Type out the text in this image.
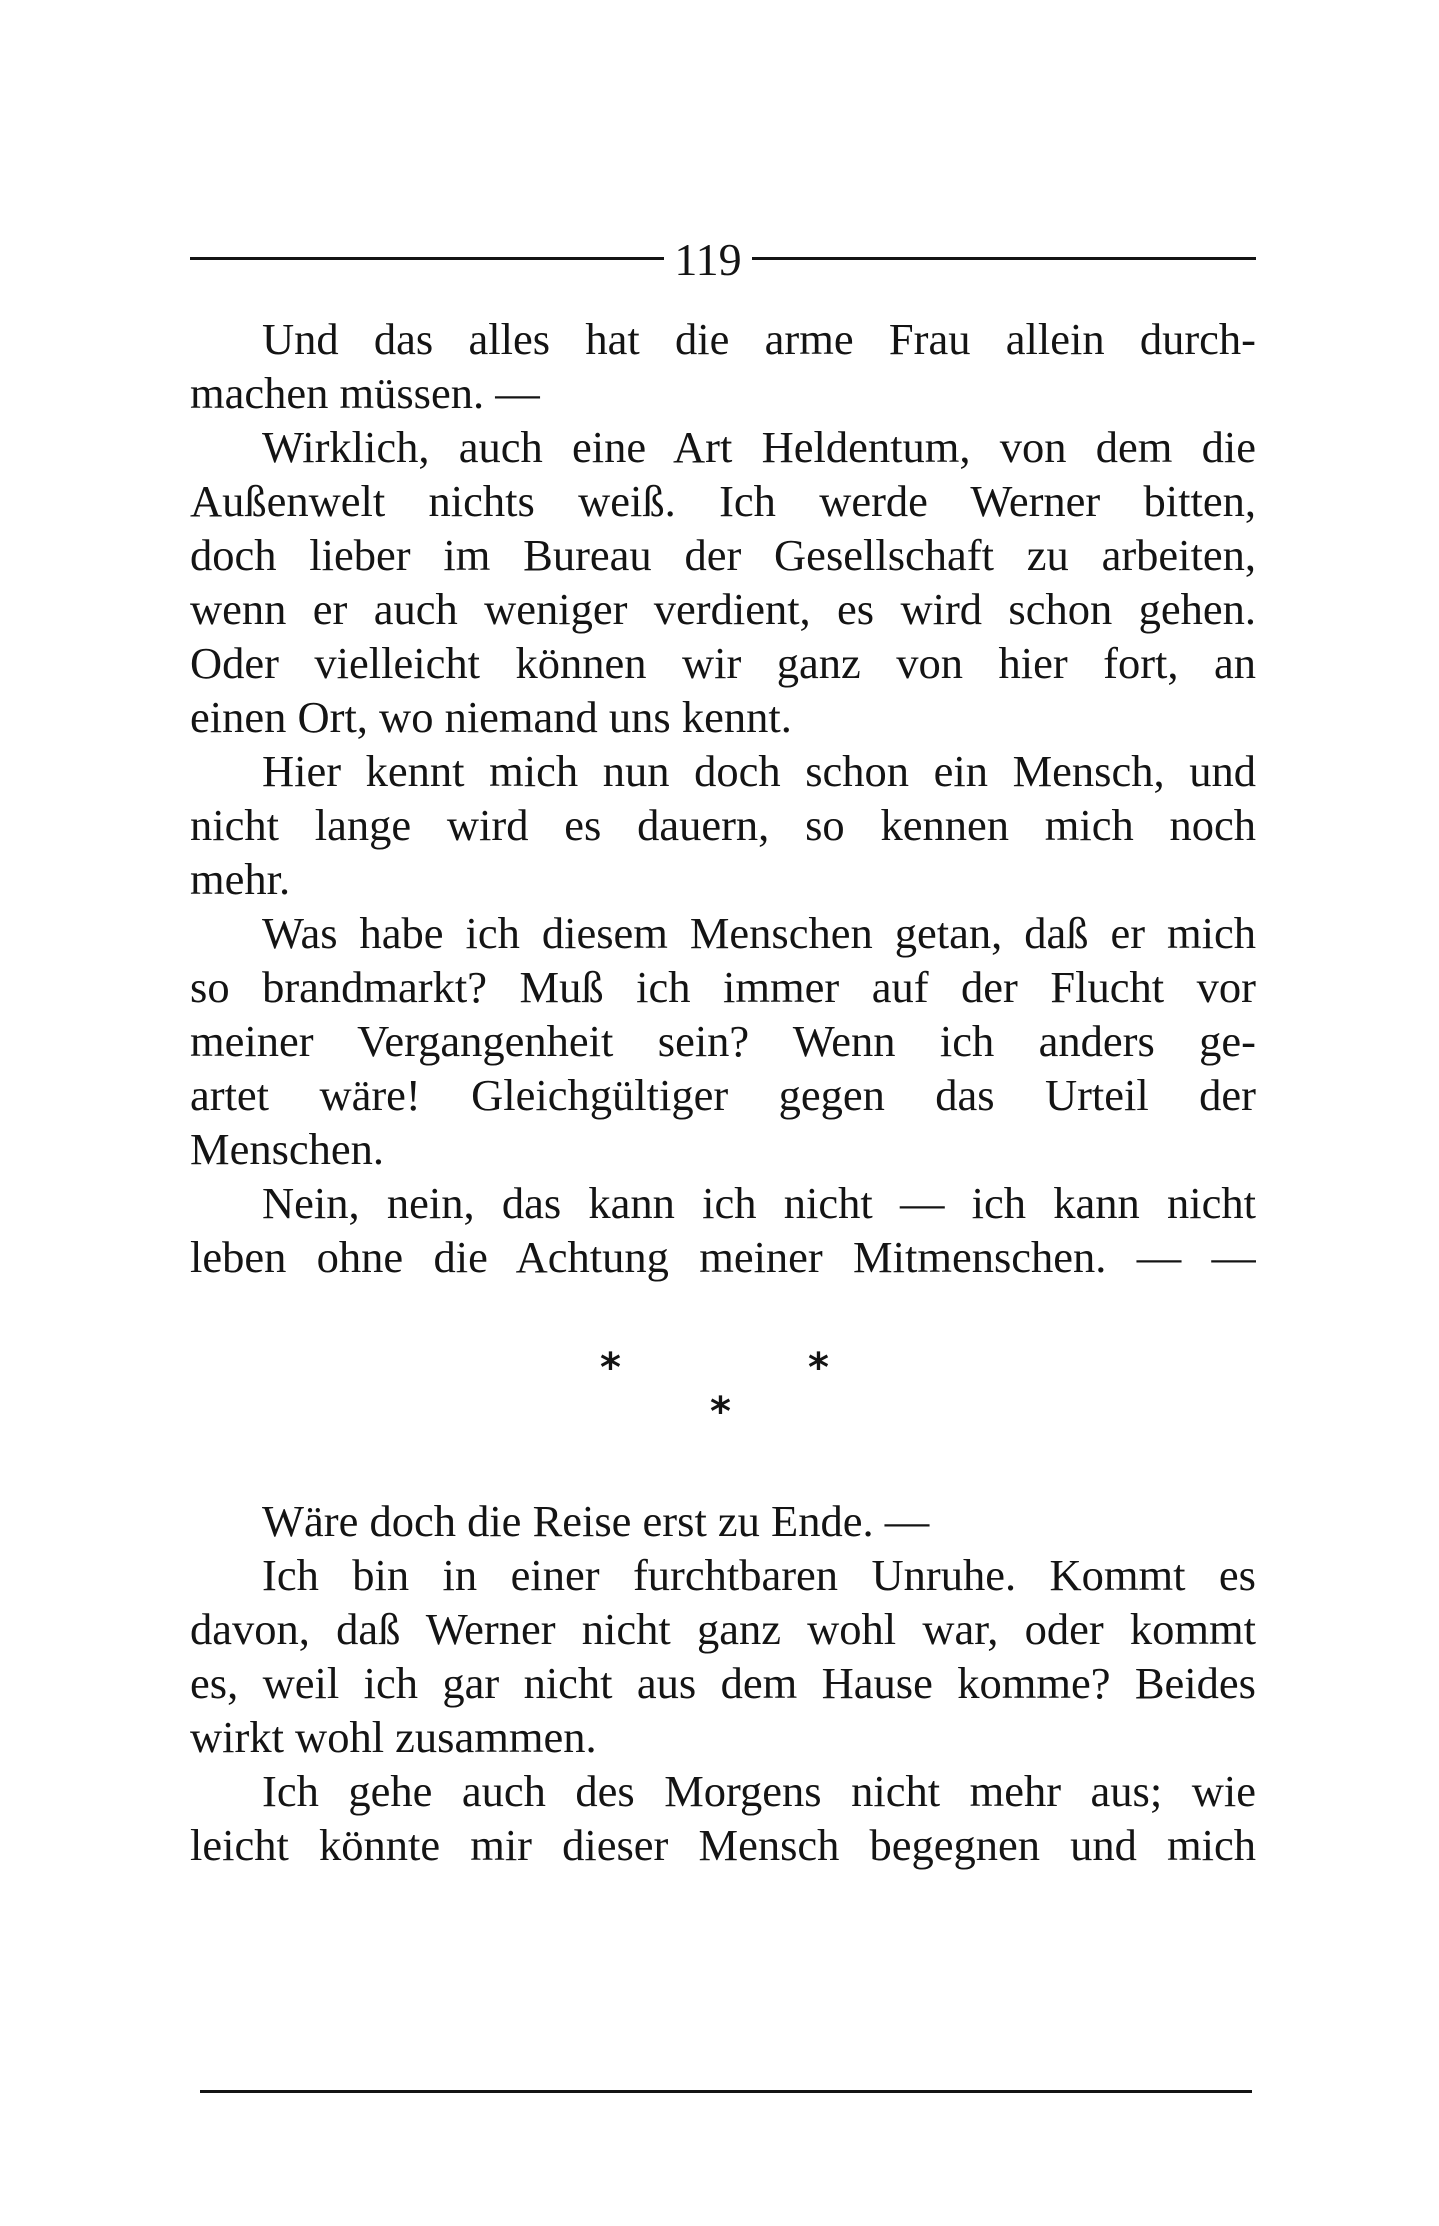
119
Und das alles hat die arme Frau allein durch-
machen müssen. —
Wirklich, auch eine Art Heldentum, von dem die
Außenwelt nichts weiß. Ich werde Werner bitten,
doch lieber im Bureau der Gesellschaft zu arbeiten,
wenn er auch weniger verdient, es wird schon gehen.
Oder vielleicht können wir ganz von hier fort, an
einen Ort, wo niemand uns kennt.
Hier kennt mich nun doch schon ein Mensch, und
nicht lange wird es dauern, so kennen mich noch
mehr.
Was habe ich diesem Menschen getan, daß er mich
so brandmarkt? Muß ich immer auf der Flucht vor
meiner Vergangenheit sein? Wenn ich anders ge-
artet wäre! Gleichgültiger gegen das Urteil der
Menschen.
Nein, nein, das kann ich nicht — ich kann nicht
leben ohne die Achtung meiner Mitmenschen. — —
*	*
*
Wäre doch die Reise erst zu Ende. —
Ich bin in einer furchtbaren Unruhe. Kommt es
davon, daß Werner nicht ganz wohl war, oder kommt
es, weil ich gar nicht aus dem Hause komme? Beides
wirkt wohl zusammen.
Ich gehe auch des Morgens nicht mehr aus; wie
leicht könnte mir dieser Mensch begegnen und mich
